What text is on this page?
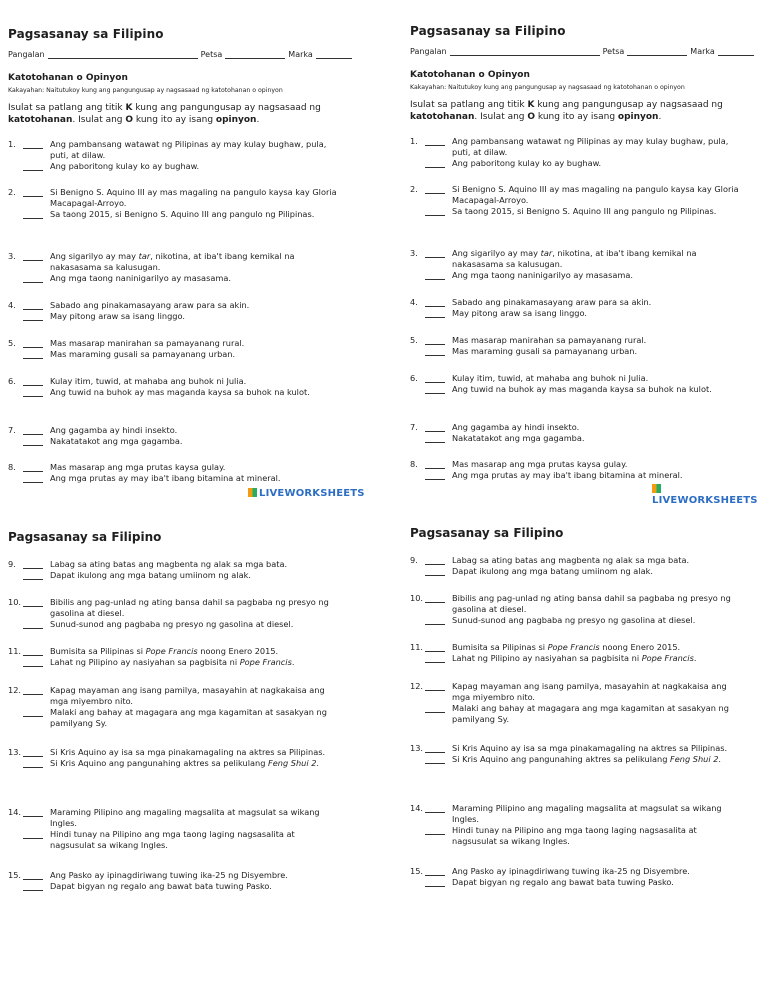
Pagsasanay sa Filipino
Pangalan	Petsa	Marka
Katotohanan o Opinyon
Kakayahan: Naitutukoy kung ang pangungusap ay nagsasaad ng katotohanan o opinyon
Isulat sa patlang ang titik K kung ang pangungusap ay nagsasaad ng katotohanan. Isulat ang O kung ito ay isang opinyon.
1.	Ang pambansang watawat ng Pilipinas ay may kulay bughaw, pula, puti, at dilaw.
Ang paboritong kulay ko ay bughaw.
2.	Si Benigno S. Aquino III ay mas magaling na pangulo kaysa kay Gloria Macapagal-Arroyo.
Sa taong 2015, si Benigno S. Aquino III ang pangulo ng Pilipinas.
3.	Ang sigarilyo ay may tar, nikotina, at iba't ibang kemikal na nakasasama sa kalusugan.
Ang mga taong naninigarilyo ay masasama.
4.	Sabado ang pinakamasayang araw para sa akin.
May pitong araw sa isang linggo.
5.	Mas masarap manirahan sa pamayanang rural.
Mas maraming gusali sa pamayanang urban.
6.	Kulay itim, tuwid, at mahaba ang buhok ni Julia.
Ang tuwid na buhok ay mas maganda kaysa sa buhok na kulot.
7.	Ang gagamba ay hindi insekto.
Nakatatakot ang mga gagamba.
8.	Mas masarap ang mga prutas kaysa gulay.
Ang mga prutas ay may iba't ibang bitamina at mineral.
Pagsasanay sa Filipino
Pangalan	Petsa	Marka
Katotohanan o Opinyon
Kakayahan: Naitutukoy kung ang pangungusap ay nagsasaad ng katotohanan o opinyon
Isulat sa patlang ang titik K kung ang pangungusap ay nagsasaad ng katotohanan. Isulat ang O kung ito ay isang opinyon.
1.	Ang pambansang watawat ng Pilipinas ay may kulay bughaw, pula, puti, at dilaw.
Ang paboritong kulay ko ay bughaw.
2.	Si Benigno S. Aquino III ay mas magaling na pangulo kaysa kay Gloria Macapagal-Arroyo.
Sa taong 2015, si Benigno S. Aquino III ang pangulo ng Pilipinas.
3.	Ang sigarilyo ay may tar, nikotina, at iba't ibang kemikal na nakasasama sa kalusugan.
Ang mga taong naninigarilyo ay masasama.
4.	Sabado ang pinakamasayang araw para sa akin.
May pitong araw sa isang linggo.
5.	Mas masarap manirahan sa pamayanang rural.
Mas maraming gusali sa pamayanang urban.
6.	Kulay itim, tuwid, at mahaba ang buhok ni Julia.
Ang tuwid na buhok ay mas maganda kaysa sa buhok na kulot.
7.	Ang gagamba ay hindi insekto.
Nakatatakot ang mga gagamba.
8.	Mas masarap ang mga prutas kaysa gulay.
Ang mga prutas ay may iba't ibang bitamina at mineral.
Pagsasanay sa Filipino
9.	Labag sa ating batas ang magbenta ng alak sa mga bata.
Dapat ikulong ang mga batang umiinom ng alak.
10.	Bibilis ang pag-unlad ng ating bansa dahil sa pagbaba ng presyo ng gasolina at diesel.
Sunud-sunod ang pagbaba ng presyo ng gasolina at diesel.
11.	Bumisita sa Pilipinas si Pope Francis noong Enero 2015.
Lahat ng Pilipino ay nasiyahan sa pagbisita ni Pope Francis.
12.	Kapag mayaman ang isang pamilya, masayahin at nagkakaisa ang mga miyembro nito.
Malaki ang bahay at magagara ang mga kagamitan at sasakyan ng pamilyang Sy.
13.	Si Kris Aquino ay isa sa mga pinakamagaling na aktres sa Pilipinas.
Si Kris Aquino ang pangunahing aktres sa pelikulang Feng Shui 2.
14.	Maraming Pilipino ang magaling magsalita at magsulat sa wikang Ingles.
Hindi tunay na Pilipino ang mga taong laging nagsasalita at nagsusulat sa wikang Ingles.
15.	Ang Pasko ay ipinagdiriwang tuwing ika-25 ng Disyembre.
Dapat bigyan ng regalo ang bawat bata tuwing Pasko.
Pagsasanay sa Filipino
9.	Labag sa ating batas ang magbenta ng alak sa mga bata.
Dapat ikulong ang mga batang umiinom ng alak.
10.	Bibilis ang pag-unlad ng ating bansa dahil sa pagbaba ng presyo ng gasolina at diesel.
Sunud-sunod ang pagbaba ng presyo ng gasolina at diesel.
11.	Bumisita sa Pilipinas si Pope Francis noong Enero 2015.
Lahat ng Pilipino ay nasiyahan sa pagbisita ni Pope Francis.
12.	Kapag mayaman ang isang pamilya, masayahin at nagkakaisa ang mga miyembro nito.
Malaki ang bahay at magagara ang mga kagamitan at sasakyan ng pamilyang Sy.
13.	Si Kris Aquino ay isa sa mga pinakamagaling na aktres sa Pilipinas.
Si Kris Aquino ang pangunahing aktres sa pelikulang Feng Shui 2.
14.	Maraming Pilipino ang magaling magsalita at magsulat sa wikang Ingles.
Hindi tunay na Pilipino ang mga taong laging nagsasalita at nagsusulat sa wikang Ingles.
15.	Ang Pasko ay ipinagdiriwang tuwing ika-25 ng Disyembre.
Dapat bigyan ng regalo ang bawat bata tuwing Pasko.
LIVEWORKSHEETS
LIVEWORKSHEETS
